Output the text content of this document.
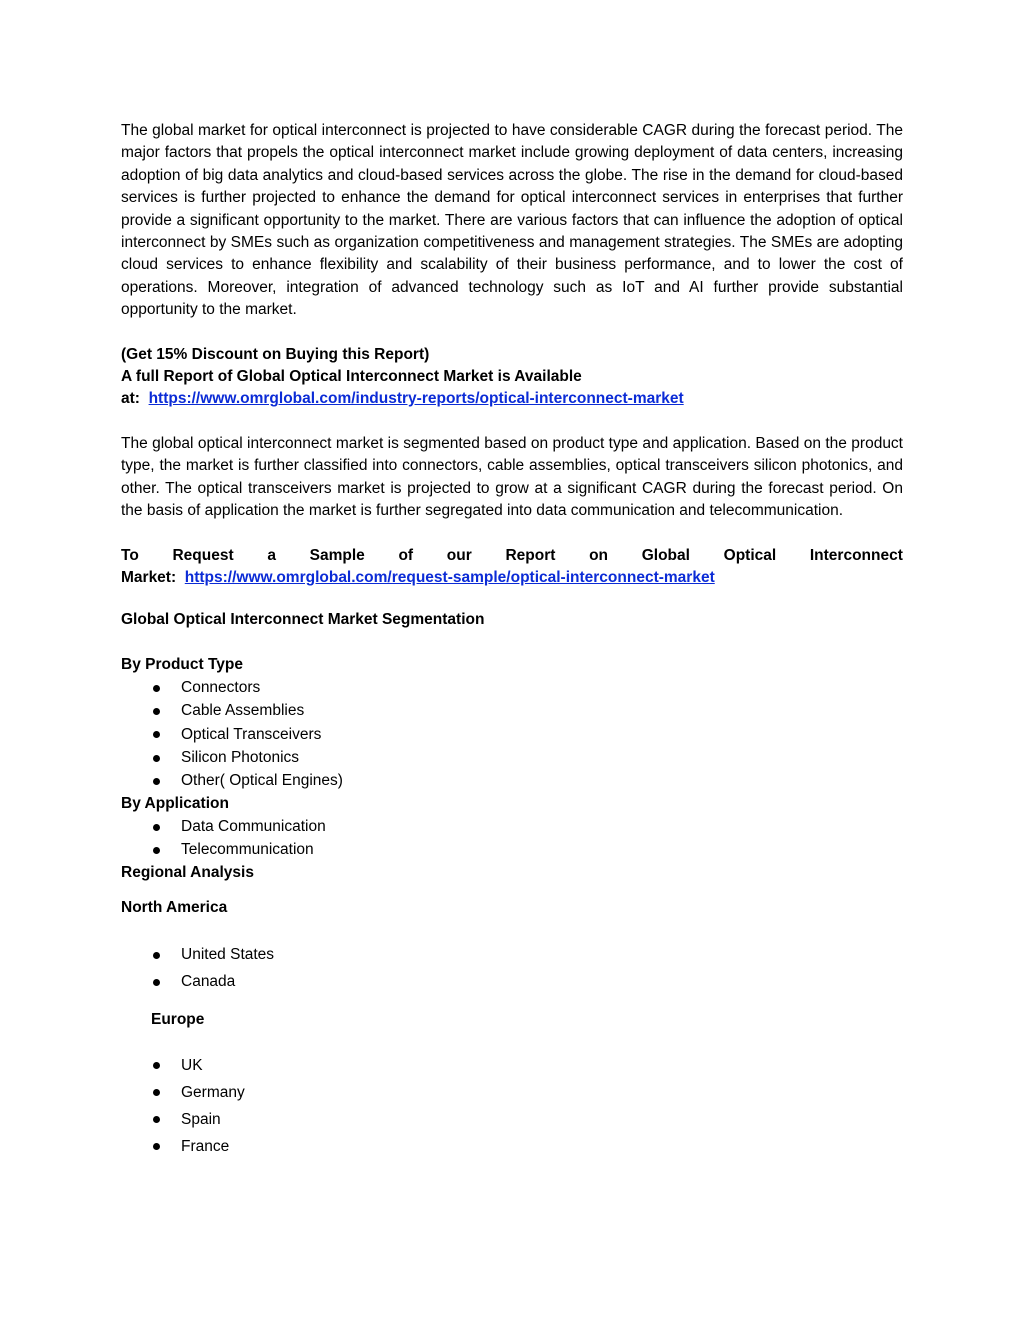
The global market for optical interconnect is projected to have considerable CAGR during the forecast period. The major factors that propels the optical interconnect market include growing deployment of data centers, increasing adoption of big data analytics and cloud-based services across the globe. The rise in the demand for cloud-based services is further projected to enhance the demand for optical interconnect services in enterprises that further provide a significant opportunity to the market. There are various factors that can influence the adoption of optical interconnect by SMEs such as organization competitiveness and management strategies. The SMEs are adopting cloud services to enhance flexibility and scalability of their business performance, and to lower the cost of operations. Moreover, integration of advanced technology such as IoT and AI further provide substantial opportunity to the market.

(Get 15% Discount on Buying this Report)
A full Report of Global Optical Interconnect Market is Available
at: https://www.omrglobal.com/industry-reports/optical-interconnect-market

The global optical interconnect market is segmented based on product type and application. Based on the product type, the market is further classified into connectors, cable assemblies, optical transceivers silicon photonics, and other. The optical transceivers market is projected to grow at a significant CAGR during the forecast period. On the basis of application the market is further segregated into data communication and telecommunication.

To Request a Sample of our Report on Global Optical Interconnect
Market: https://www.omrglobal.com/request-sample/optical-interconnect-market
Global Optical Interconnect Market Segmentation
By Product Type
Connectors
Cable Assemblies
Optical Transceivers
Silicon Photonics
Other( Optical Engines)
By Application
Data Communication
Telecommunication
Regional Analysis
North America
United States
Canada
Europe
UK
Germany
Spain
France
